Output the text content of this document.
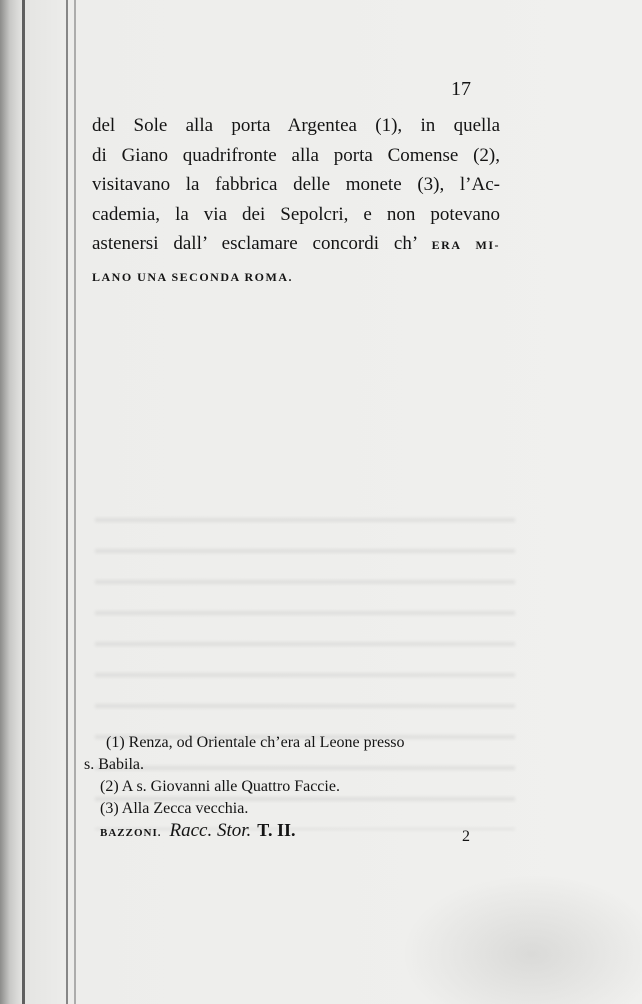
17
del Sole alla porta Argentea (1), in quella
di Giano quadrifronte alla porta Comense (2),
visitavano la fabbrica delle monete (3), l’Ac-
cademia, la via dei Sepolcri, e non potevano
astenersi dall’ esclamare concordi ch’ ERA MI-
LANO UNA SECONDA ROMA.
(1) Renza, od Orientale ch’era al Leone presso
s. Babila.
(2) A s. Giovanni alle Quattro Faccie.
(3) Alla Zecca vecchia.
BAZZONI. Racc. Stor. T. II.	2
